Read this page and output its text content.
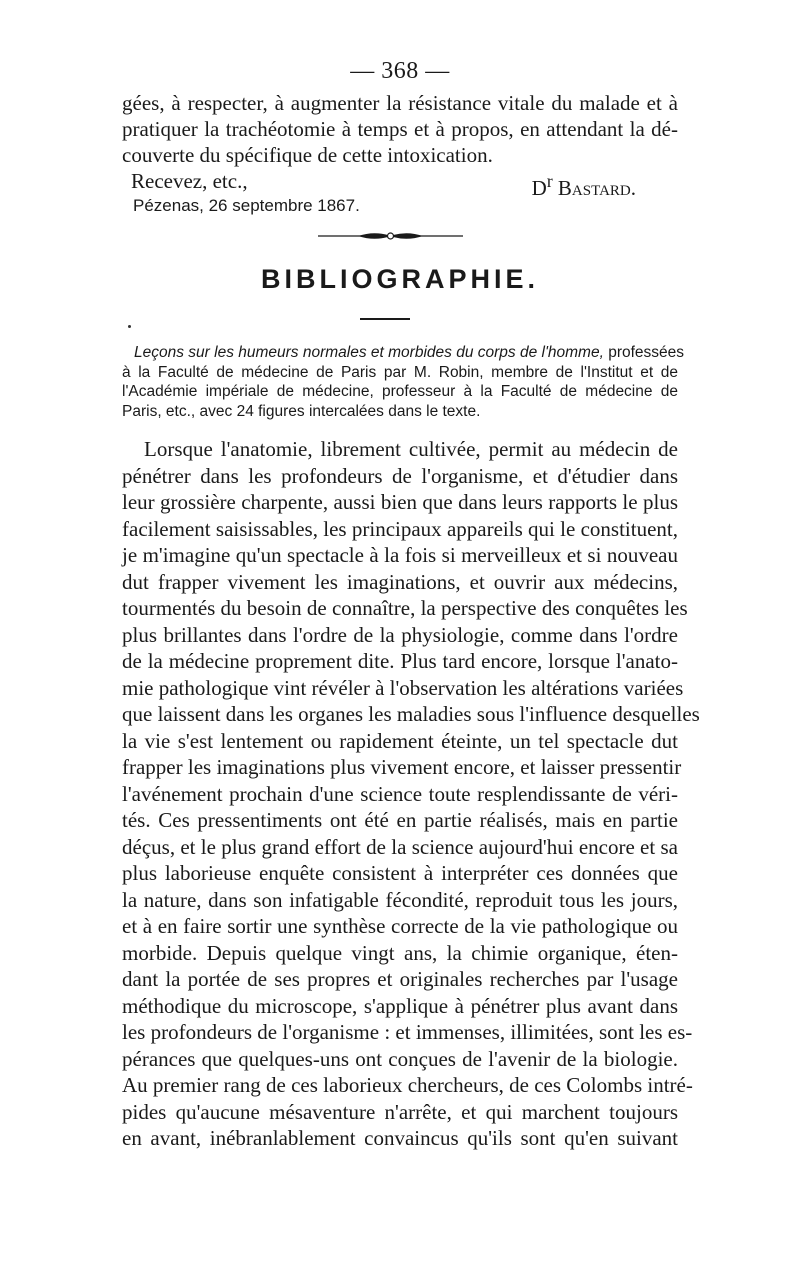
— 368 —
gées, à respecter, à augmenter la résistance vitale du malade et à
pratiquer la trachéotomie à temps et à propos, en attendant la dé-
couverte du spécifique de cette intoxication.
Recevez, etc.,	$D^r$ Bastard.
Pézenas, 26 septembre 1867.
BIBLIOGRAPHIE.
Leçons sur les humeurs normales et morbides du corps de l'homme, professées
à la Faculté de médecine de Paris par M. Robin, membre de l'Institut et de
l'Académie impériale de médecine, professeur à la Faculté de médecine de
Paris, etc., avec 24 figures intercalées dans le texte.
Lorsque l'anatomie, librement cultivée, permit au médecin de
pénétrer dans les profondeurs de l'organisme, et d'étudier dans
leur grossière charpente, aussi bien que dans leurs rapports le plus
facilement saisissables, les principaux appareils qui le constituent,
je m'imagine qu'un spectacle à la fois si merveilleux et si nouveau
dut frapper vivement les imaginations, et ouvrir aux médecins,
tourmentés du besoin de connaître, la perspective des conquêtes les
plus brillantes dans l'ordre de la physiologie, comme dans l'ordre
de la médecine proprement dite. Plus tard encore, lorsque l'anato-
mie pathologique vint révéler à l'observation les altérations variées
que laissent dans les organes les maladies sous l'influence desquelles
la vie s'est lentement ou rapidement éteinte, un tel spectacle dut
frapper les imaginations plus vivement encore, et laisser pressentir
l'avénement prochain d'une science toute resplendissante de véri-
tés. Ces pressentiments ont été en partie réalisés, mais en partie
déçus, et le plus grand effort de la science aujourd'hui encore et sa
plus laborieuse enquête consistent à interpréter ces données que
la nature, dans son infatigable fécondité, reproduit tous les jours,
et à en faire sortir une synthèse correcte de la vie pathologique ou
morbide. Depuis quelque vingt ans, la chimie organique, éten-
dant la portée de ses propres et originales recherches par l'usage
méthodique du microscope, s'applique à pénétrer plus avant dans
les profondeurs de l'organisme : et immenses, illimitées, sont les es-
pérances que quelques-uns ont conçues de l'avenir de la biologie.
Au premier rang de ces laborieux chercheurs, de ces Colombs intré-
pides qu'aucune mésaventure n'arrête, et qui marchent toujours
en avant, inébranlablement convaincus qu'ils sont qu'en suivant
